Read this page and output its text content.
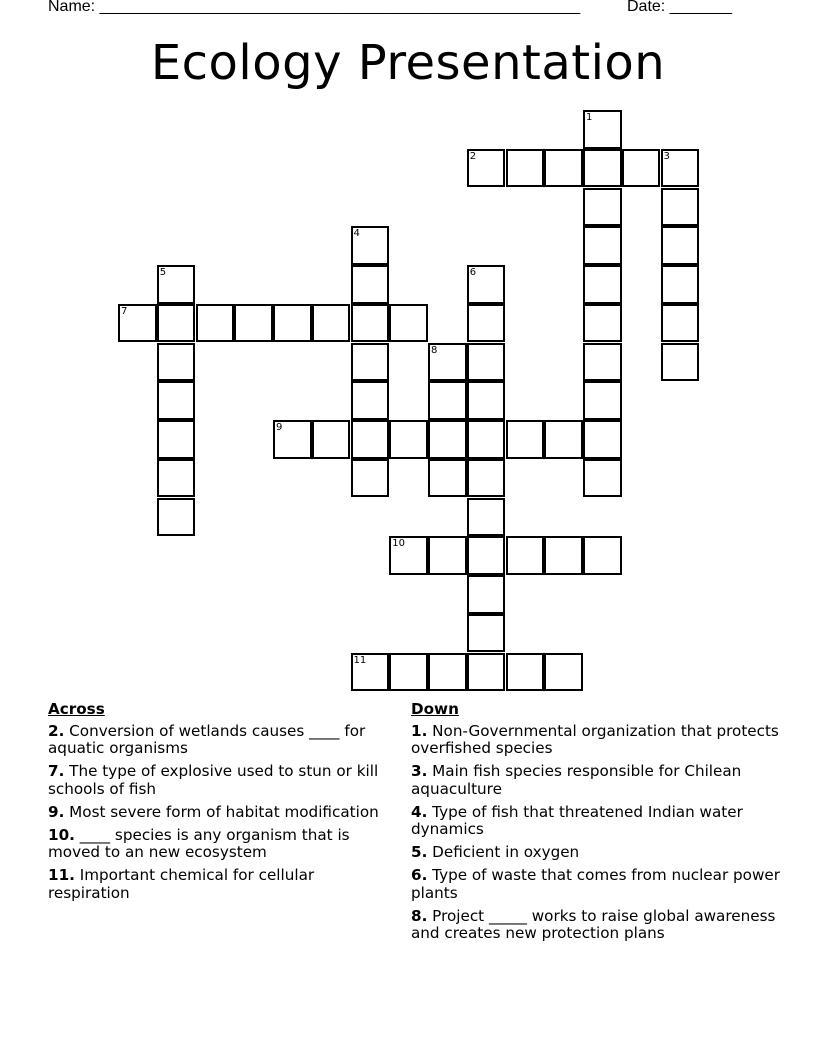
Name: ______________________________________________________	Date: _______
Ecology Presentation
7
5
4
8
9
6
10
11
1
2	3
Across
2. Conversion of wetlands causes ____ for aquatic organisms
7. The type of explosive used to stun or kill schools of fish
9. Most severe form of habitat modification
10. ____ species is any organism that is moved to an new ecosystem
11. Important chemical for cellular respiration
Down
1. Non-Governmental organization that protects overfished species
3. Main fish species responsible for Chilean aquaculture
4. Type of fish that threatened Indian water dynamics
5. Deficient in oxygen
6. Type of waste that comes from nuclear power plants
8. Project _____ works to raise global awareness and creates new protection plans
